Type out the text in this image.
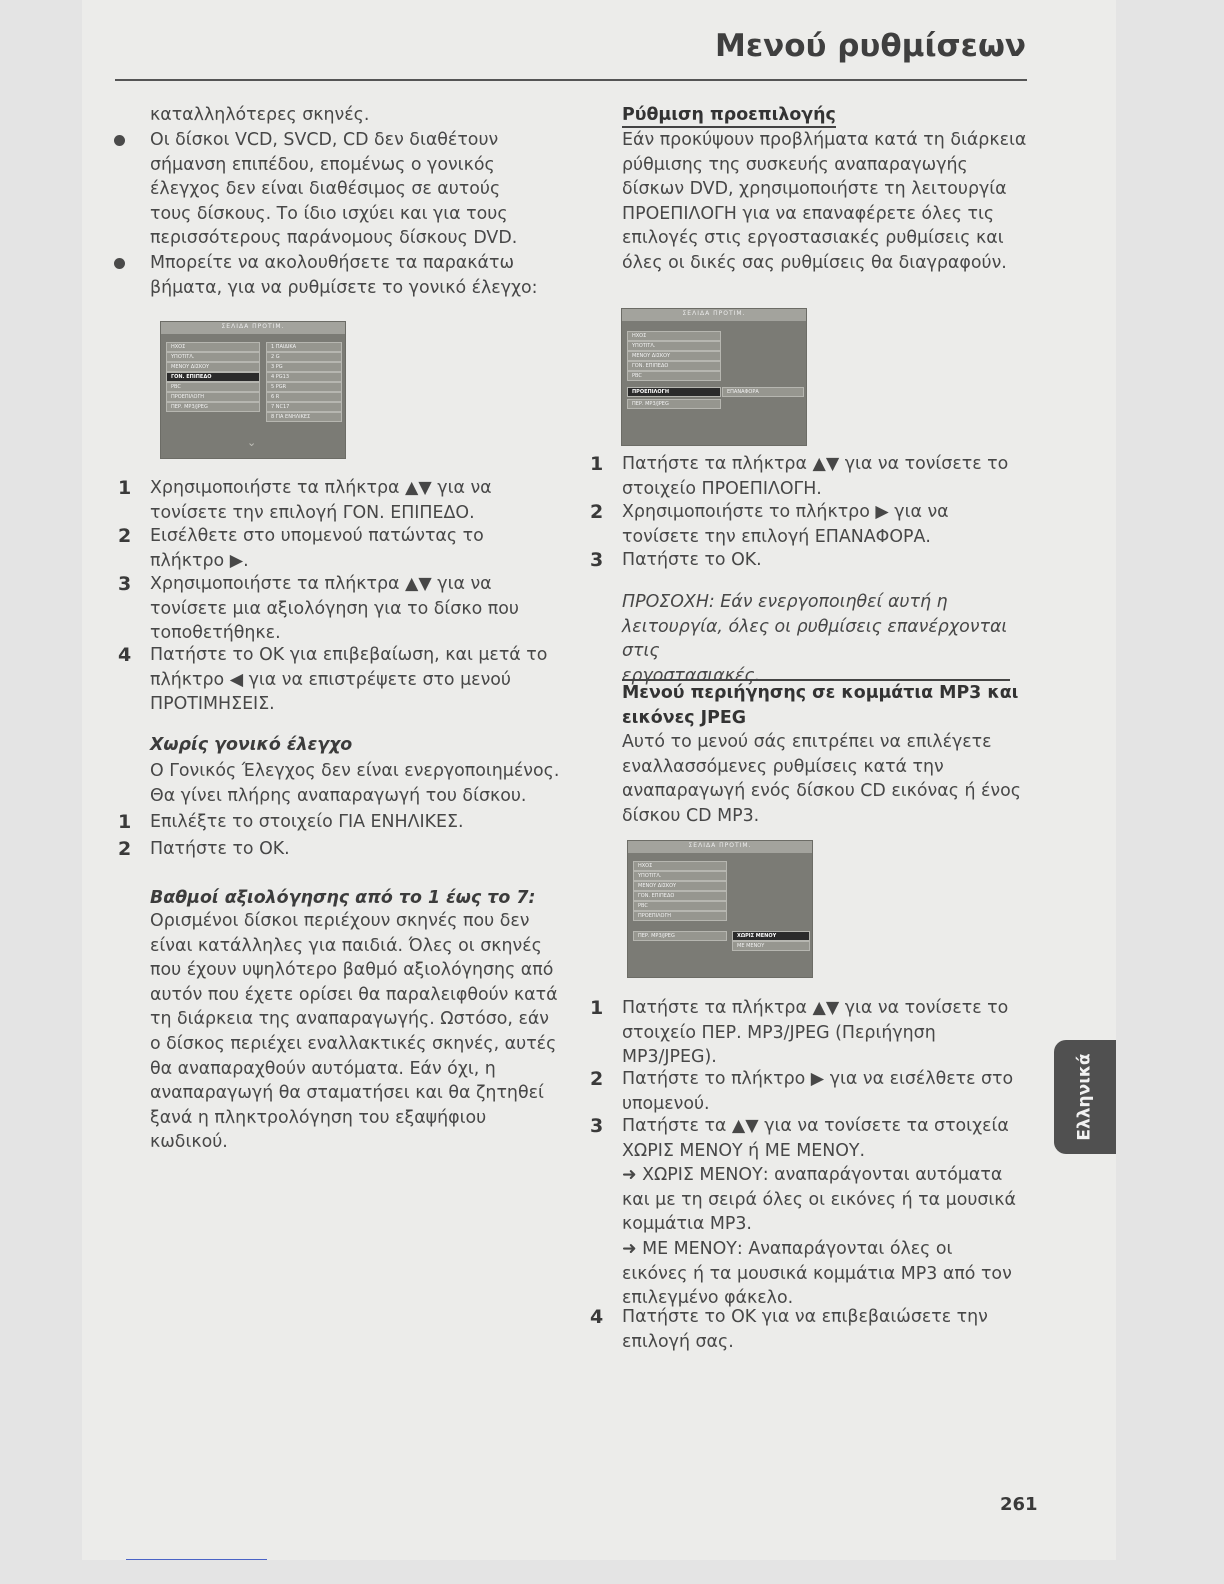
Μενού ρυθμίσεων

καταλληλότερες σκηνές.

Οι δίσκοι VCD, SVCD, CD δεν διαθέτουν

σήμανση επιπέδου, επομένως ο γονικός

έλεγχος δεν είναι διαθέσιμος σε αυτούς

τους δίσκους. Το ίδιο ισχύει και για τους

περισσότερους παράνομους δίσκους DVD.

Μπορείτε να ακολουθήσετε τα παρακάτω

βήματα, για να ρυθμίσετε το γονικό έλεγχο:

1 Χρησιμοποιήστε τα πλήκτρα ▲▼ για να

τονίσετε την επιλογή ΓΟΝ. ΕΠΙΠΕΔΟ.

2 Εισέλθετε στο υπομενού πατώντας το

πλήκτρο ▶.

3 Χρησιμοποιήστε τα πλήκτρα ▲▼ για να

τονίσετε μια αξιολόγηση για το δίσκο που

τοποθετήθηκε.

4 Πατήστε το OK για επιβεβαίωση, και μετά το

πλήκτρο ◀ για να επιστρέψετε στο μενού

ΠΡΟΤΙΜΗΣΕΙΣ.

Χωρίς γονικό έλεγχο

Ο Γονικός Έλεγχος δεν είναι ενεργοποιημένος.

Θα γίνει πλήρης αναπαραγωγή του δίσκου.

1 Επιλέξτε το στοιχείο ΓΙΑ ΕΝΗΛΙΚΕΣ.

2 Πατήστε το OK.

Βαθμοί αξιολόγησης από το 1 έως το 7:

Ορισμένοι δίσκοι περιέχουν σκηνές που δεν

είναι κατάλληλες για παιδιά. Όλες οι σκηνές

που έχουν υψηλότερο βαθμό αξιολόγησης από

αυτόν που έχετε ορίσει θα παραλειφθούν κατά

τη διάρκεια της αναπαραγωγής. Ωστόσο, εάν

ο δίσκος περιέχει εναλλακτικές σκηνές, αυτές

θα αναπαραχθούν αυτόματα. Εάν όχι, η

αναπαραγωγή θα σταματήσει και θα ζητηθεί

ξανά η πληκτρολόγηση του εξαψήφιου

κωδικού.

ΣΕΛΙΔΑ ΠΡΟΤΙΜ.
ΗΧΟΣ
ΥΠΟΤΙΤΛ.
ΜΕΝΟΥ ΔΙΣΚΟΥ
ΓΟΝ. ΕΠΙΠΕΔΟ
PBC
ΠΡΟΕΠΙΛΟΓΗ
ΠΕΡ. MP3/JPEG
1 ΠΑΙΔΙΚΑ
2 G
3 PG
4 PG13
5 PGR
6 R
7 NC17
8 ΓΙΑ ΕΝΗΛΙΚΕΣ
⌄

Ρύθμιση προεπιλογής

Εάν προκύψουν προβλήματα κατά τη διάρκεια

ρύθμισης της συσκευής αναπαραγωγής

δίσκων DVD, χρησιμοποιήστε τη λειτουργία

ΠΡΟΕΠΙΛΟΓΗ για να επαναφέρετε όλες τις

επιλογές στις εργοστασιακές ρυθμίσεις και

όλες οι δικές σας ρυθμίσεις θα διαγραφούν.

1 Πατήστε τα πλήκτρα ▲▼ για να τονίσετε το

στοιχείο ΠΡΟΕΠΙΛΟΓΗ.

2 Χρησιμοποιήστε το πλήκτρο ▶ για να

τονίσετε την επιλογή ΕΠΑΝΑΦΟΡΑ.

3 Πατήστε το OK.

ΠΡΟΣΟΧΗ: Εάν ενεργοποιηθεί αυτή η

λειτουργία, όλες οι ρυθμίσεις επανέρχονται στις

εργοστασιακές.

Μενού περιήγησης σε κομμάτια MP3 και

εικόνες JPEG

Αυτό το μενού σάς επιτρέπει να επιλέγετε

εναλλασσόμενες ρυθμίσεις κατά την

αναπαραγωγή ενός δίσκου CD εικόνας ή ένος

δίσκου CD MP3.

1 Πατήστε τα πλήκτρα ▲▼ για να τονίσετε το

στοιχείο ΠΕΡ. MP3/JPEG (Περιήγηση

MP3/JPEG).

2 Πατήστε το πλήκτρο ▶ για να εισέλθετε στο

υπομενού.

3 Πατήστε τα ▲▼ για να τονίσετε τα στοιχεία

ΧΩΡΙΣ ΜΕΝΟΥ ή ΜΕ ΜΕΝΟΥ.

➜ ΧΩΡΙΣ ΜΕΝΟΥ: αναπαράγονται αυτόματα

και με τη σειρά όλες οι εικόνες ή τα μουσικά

κομμάτια MP3.

➜ ΜΕ ΜΕΝΟΥ: Αναπαράγονται όλες οι

εικόνες ή τα μουσικά κομμάτια MP3 από τον

επιλεγμένο φάκελο.

4 Πατήστε το OK για να επιβεβαιώσετε την

επιλογή σας.

ΣΕΛΙΔΑ ΠΡΟΤΙΜ.
ΗΧΟΣ
ΥΠΟΤΙΤΛ.
ΜΕΝΟΥ ΔΙΣΚΟΥ
ΓΟΝ. ΕΠΙΠΕΔΟ
PBC
ΠΡΟΕΠΙΛΟΓΗ
ΠΕΡ. MP3/JPEG
ΕΠΑΝΑΦΟΡΑ
ΣΕΛΙΔΑ ΠΡΟΤΙΜ.
ΗΧΟΣ
ΥΠΟΤΙΤΛ.
ΜΕΝΟΥ ΔΙΣΚΟΥ
ΓΟΝ. ΕΠΙΠΕΔΟ
PBC
ΠΡΟΕΠΙΛΟΓΗ
ΠΕΡ. MP3/JPEG	ΧΩΡΙΣ ΜΕΝΟΥ
ΜΕ ΜΕΝΟΥ
Ελληνικά
261
